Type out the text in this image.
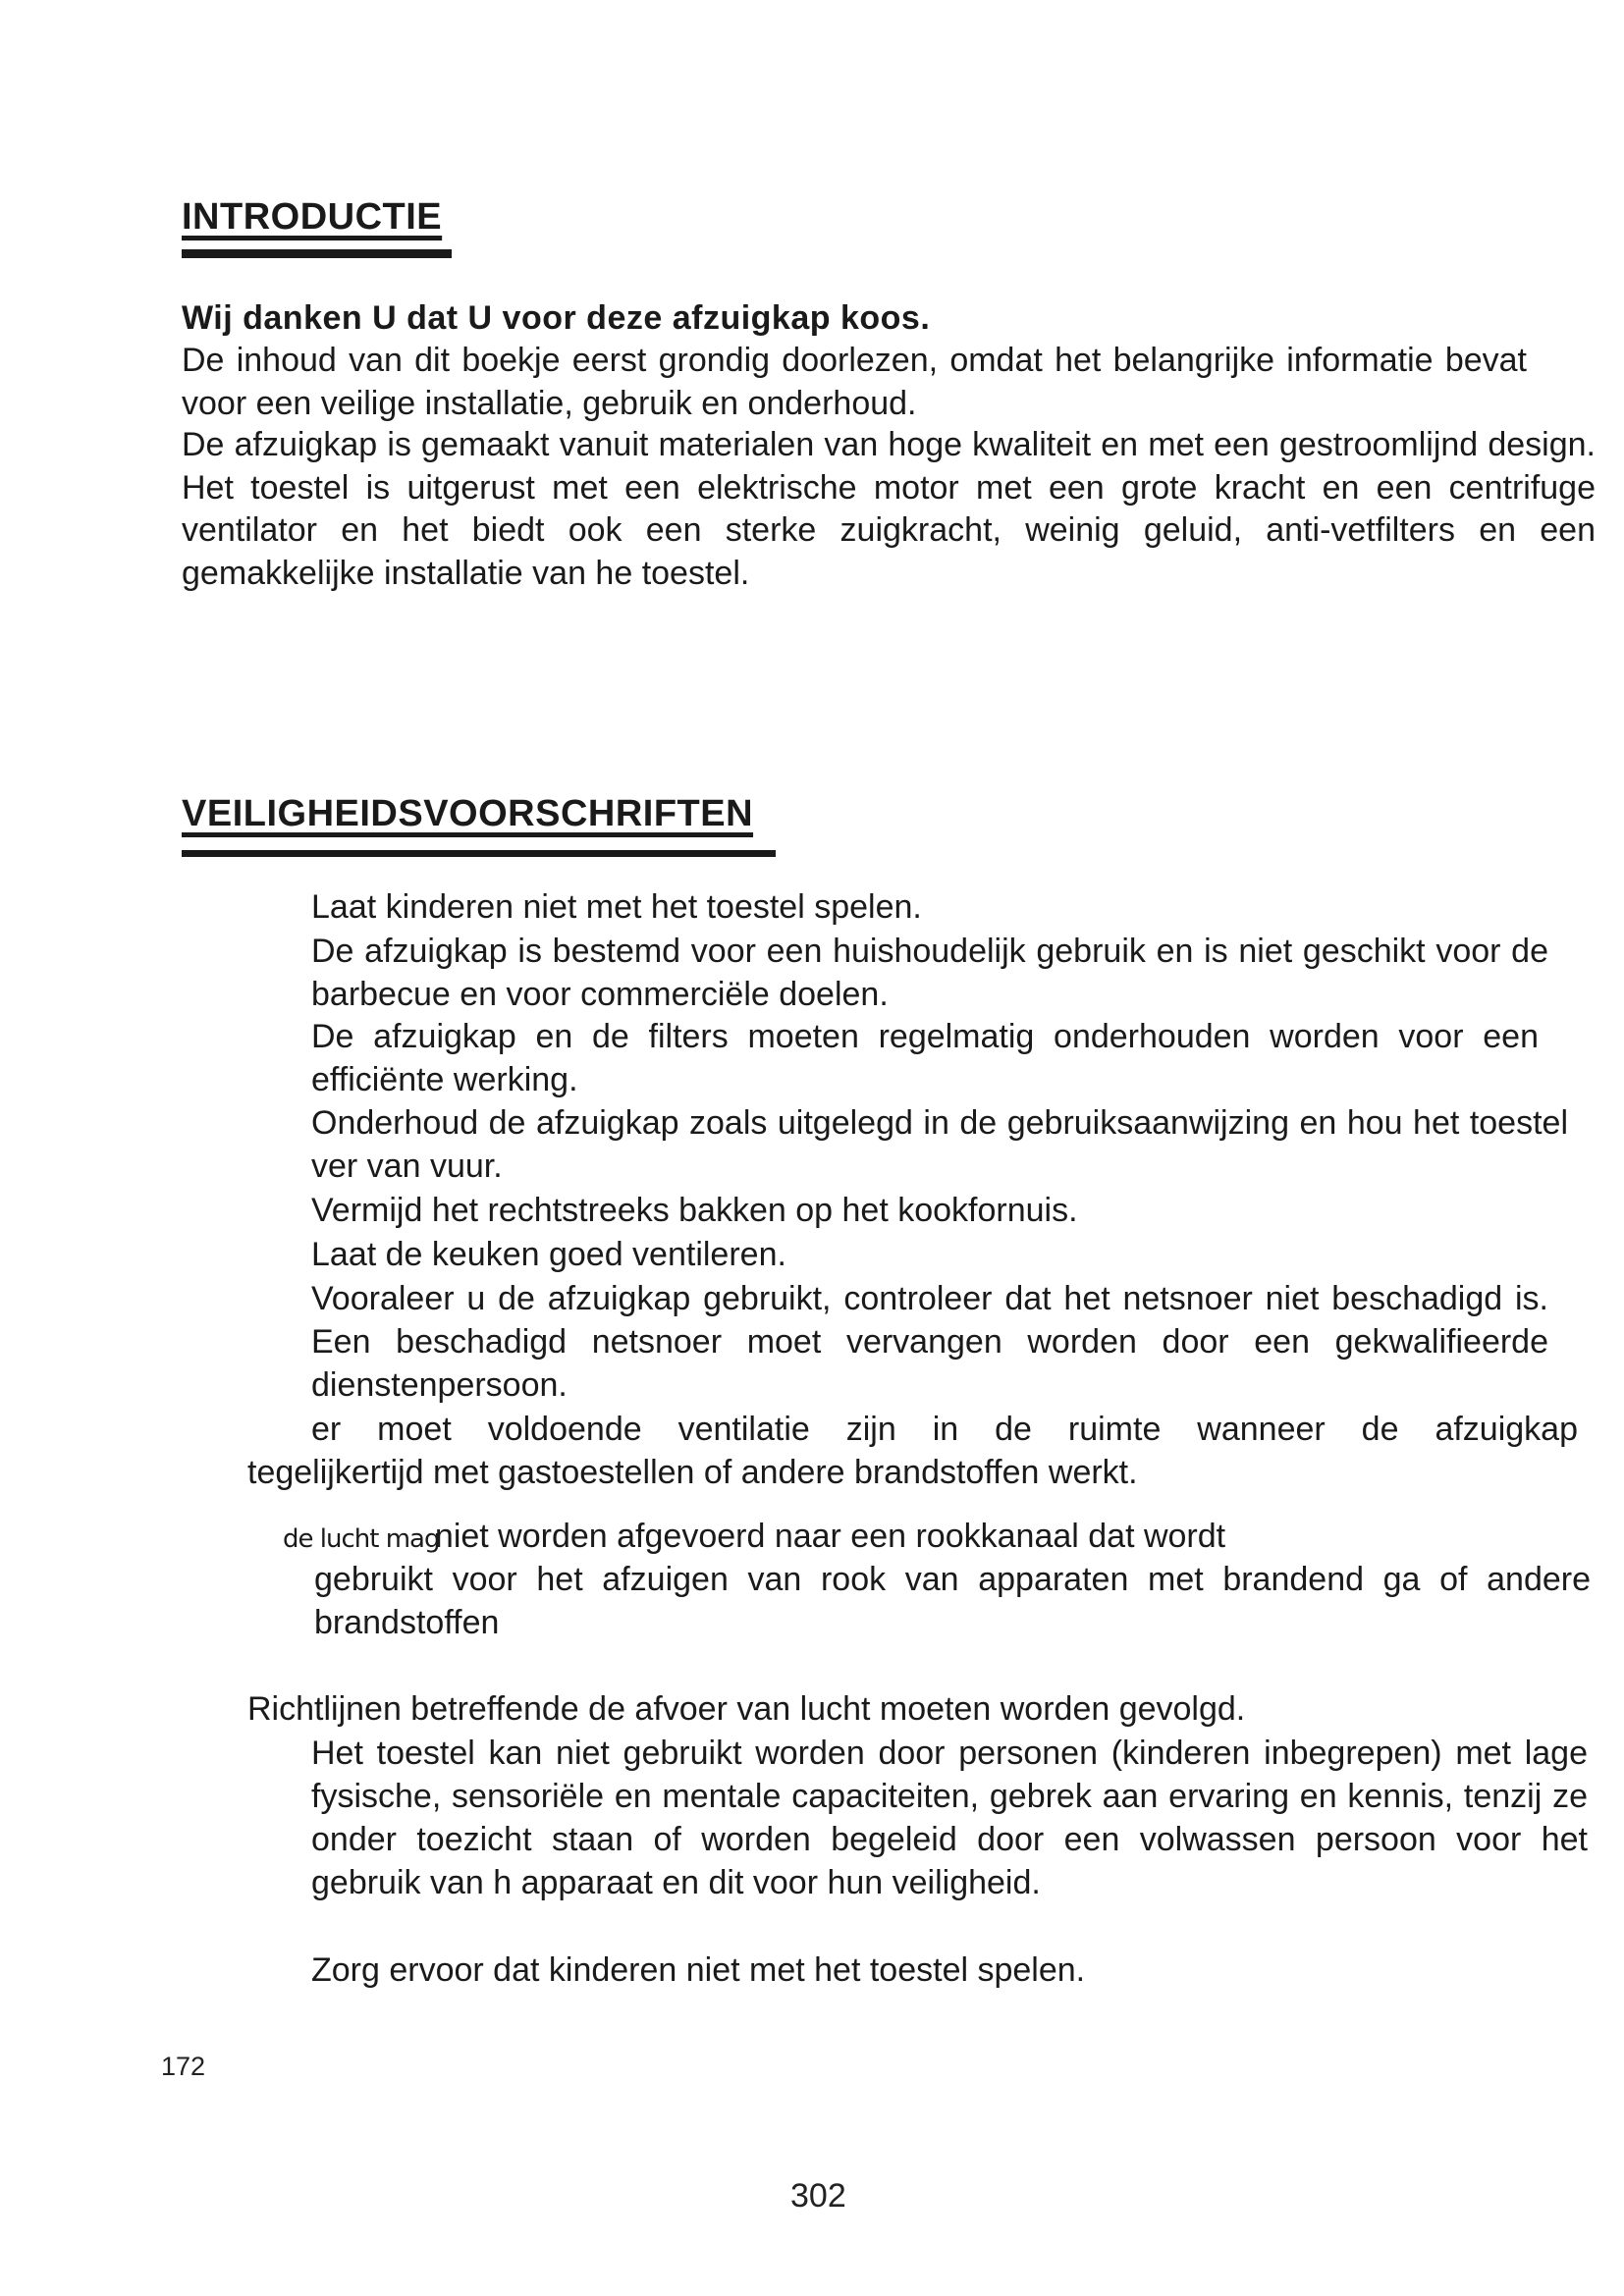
INTRODUCTIE

Wij danken U dat U voor deze afzuigkap koos.

De inhoud van dit boekje eerst grondig doorlezen, omdat het belangrijke informatie bevat voor een veilige installatie, gebruik en onderhoud.

De afzuigkap is gemaakt vanuit materialen van hoge kwaliteit en met een gestroomlijnd design. Het toestel is uitgerust met een elektrische motor met een grote kracht en een centrifuge ventilator en het biedt ook een sterke zuigkracht, weinig geluid, anti-vetfilters en een gemakkelijke installatie van he toestel.

VEILIGHEIDSVOORSCHRIFTEN
Laat kinderen niet met het toestel spelen.
De afzuigkap is bestemd voor een huishoudelijk gebruik en is niet geschikt voor de barbecue en voor commerciële doelen.
De afzuigkap en de filters moeten regelmatig onderhouden worden voor een efficiënte werking.
Onderhoud de afzuigkap zoals uitgelegd in de gebruiksaanwijzing en hou het toestel ver van vuur.
Vermijd het rechtstreeks bakken op het kookfornuis.
Laat de keuken goed ventileren.
Vooraleer u de afzuigkap gebruikt, controleer dat het netsnoer niet beschadigd is. Een beschadigd netsnoer moet vervangen worden door een gekwalifieerde dienstenpersoon.
er moet voldoende ventilatie zijn in de ruimte wanneer de afzuigkap
tegelijkertijd met gastoestellen of andere brandstoffen werkt.
de lucht mag niet worden afgevoerd naar een rookkanaal dat wordt
gebruikt voor het afzuigen van rook van apparaten met brandend ga of andere brandstoffen
Richtlijnen betreffende de afvoer van lucht moeten worden gevolgd.
Het toestel kan niet gebruikt worden door personen (kinderen inbegrepen) met lage fysische, sensoriële en mentale capaciteiten, gebrek aan ervaring en kennis, tenzij ze onder toezicht staan of worden begeleid door een volwassen persoon voor het gebruik van h apparaat en dit voor hun veiligheid.
Zorg ervoor dat kinderen niet met het toestel spelen.

172

302
